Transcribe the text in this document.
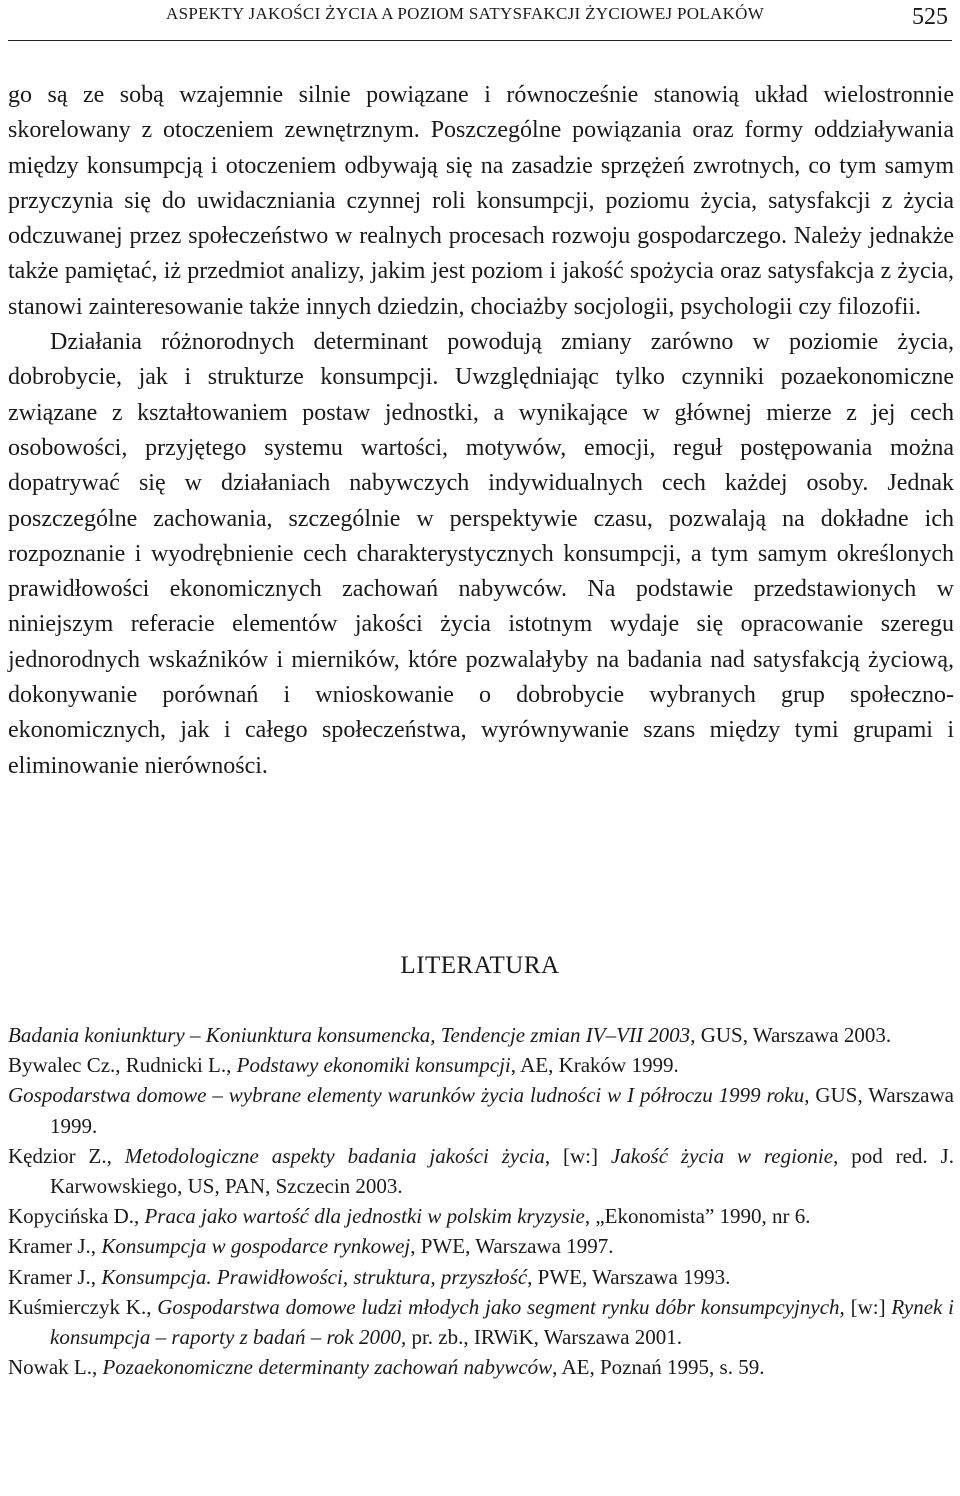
ASPEKTY JAKOŚCI ŻYCIA A POZIOM SATYSFAKCJI ŻYCIOWEJ POLAKÓW	525

go są ze sobą wzajemnie silnie powiązane i równocześnie stanowią układ wielostronnie skorelowany z otoczeniem zewnętrznym. Poszczególne powiązania oraz formy oddziaływania między konsumpcją i otoczeniem odbywają się na zasadzie sprzężeń zwrotnych, co tym samym przyczynia się do uwidaczniania czynnej roli konsumpcji, poziomu życia, satysfakcji z życia odczuwanej przez społeczeństwo w realnych procesach rozwoju gospodarczego. Należy jednakże także pamiętać, iż przedmiot analizy, jakim jest poziom i jakość spożycia oraz satysfakcja z życia, stanowi zainteresowanie także innych dziedzin, chociażby socjologii, psychologii czy filozofii.

Działania różnorodnych determinant powodują zmiany zarówno w poziomie życia, dobrobycie, jak i strukturze konsumpcji. Uwzględniając tylko czynniki pozaekonomiczne związane z kształtowaniem postaw jednostki, a wynikające w głównej mierze z jej cech osobowości, przyjętego systemu wartości, motywów, emocji, reguł postępowania można dopatrywać się w działaniach nabywczych indywidualnych cech każdej osoby. Jednak poszczególne zachowania, szczególnie w perspektywie czasu, pozwalają na dokładne ich rozpoznanie i wyodrębnienie cech charakterystycznych konsumpcji, a tym samym określonych prawidłowości ekonomicznych zachowań nabywców. Na podstawie przedstawionych w niniejszym referacie elementów jakości życia istotnym wydaje się opracowanie szeregu jednorodnych wskaźników i mierników, które pozwalałyby na badania nad satysfakcją życiową, dokonywanie porównań i wnioskowanie o dobrobycie wybranych grup społeczno-ekonomicznych, jak i całego społeczeństwa, wyrównywanie szans między tymi grupami i eliminowanie nierówności.

LITERATURA
Badania koniunktury – Koniunktura konsumencka, Tendencje zmian IV–VII 2003, GUS, Warszawa 2003.
Bywalec Cz., Rudnicki L., Podstawy ekonomiki konsumpcji, AE, Kraków 1999.
Gospodarstwa domowe – wybrane elementy warunków życia ludności w I półroczu 1999 roku, GUS, Warszawa 1999.
Kędzior Z., Metodologiczne aspekty badania jakości życia, [w:] Jakość życia w regionie, pod red. J. Karwowskiego, US, PAN, Szczecin 2003.
Kopycińska D., Praca jako wartość dla jednostki w polskim kryzysie, „Ekonomista” 1990, nr 6.
Kramer J., Konsumpcja w gospodarce rynkowej, PWE, Warszawa 1997.
Kramer J., Konsumpcja. Prawidłowości, struktura, przyszłość, PWE, Warszawa 1993.
Kuśmierczyk K., Gospodarstwa domowe ludzi młodych jako segment rynku dóbr konsumpcyjnych, [w:] Rynek i konsumpcja – raporty z badań – rok 2000, pr. zb., IRWiK, Warszawa 2001.
Nowak L., Pozaekonomiczne determinanty zachowań nabywców, AE, Poznań 1995, s. 59.
